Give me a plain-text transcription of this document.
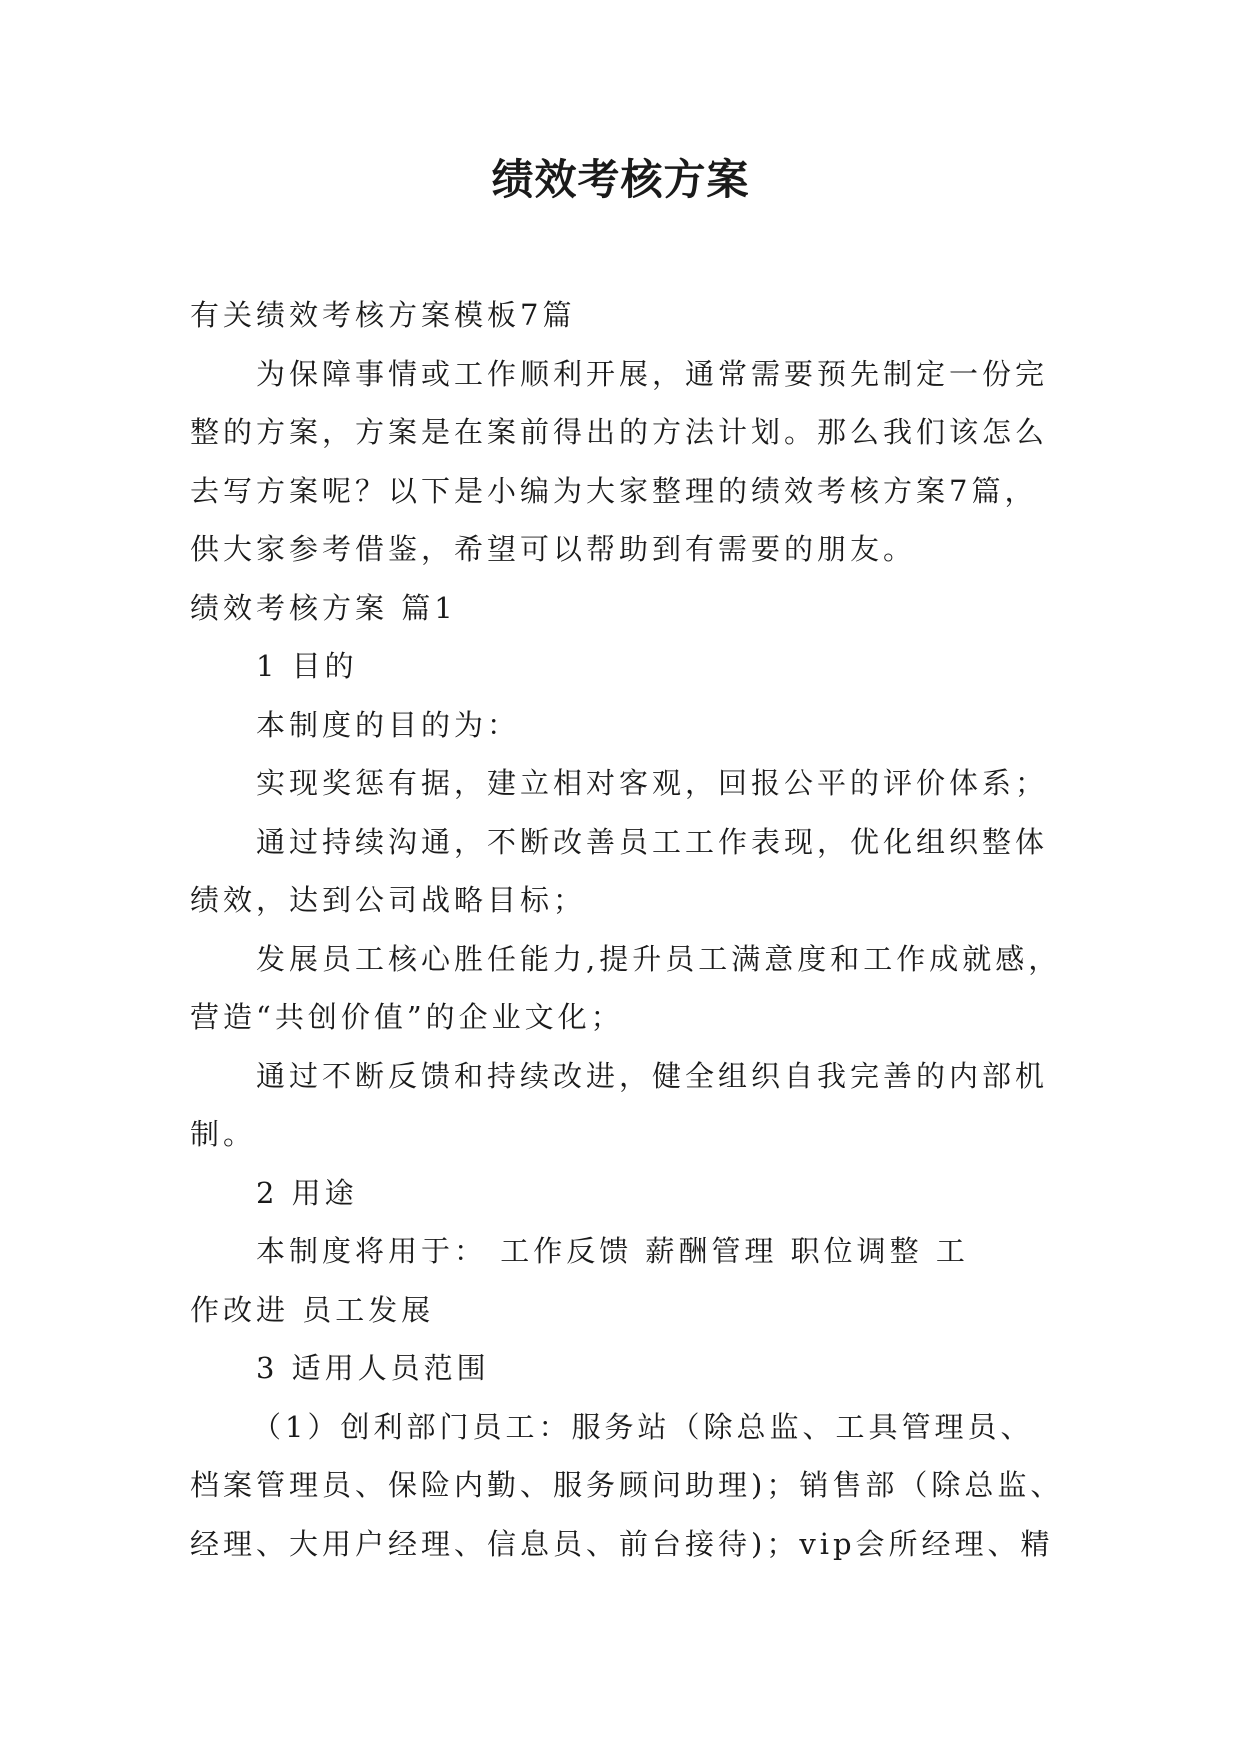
绩效考核方案

有关绩效考核方案模板7篇

为保障事情或工作顺利开展，通常需要预先制定一份完

整的方案，方案是在案前得出的方法计划。那么我们该怎么

去写方案呢？以下是小编为大家整理的绩效考核方案7篇，

供大家参考借鉴，希望可以帮助到有需要的朋友。

绩效考核方案 篇1

1 目的

本制度的目的为：

实现奖惩有据，建立相对客观，回报公平的评价体系；

通过持续沟通，不断改善员工工作表现，优化组织整体

绩效，达到公司战略目标；

发展员工核心胜任能力,提升员工满意度和工作成就感，

营造“共创价值”的企业文化；

通过不断反馈和持续改进，健全组织自我完善的内部机

制。

2 用途

本制度将用于： 工作反馈 薪酬管理 职位调整 工

作改进 员工发展

3 适用人员范围

（1）创利部门员工：服务站（除总监、工具管理员、

档案管理员、保险内勤、服务顾问助理)；销售部（除总监、

经理、大用户经理、信息员、前台接待)；vip会所经理、精
